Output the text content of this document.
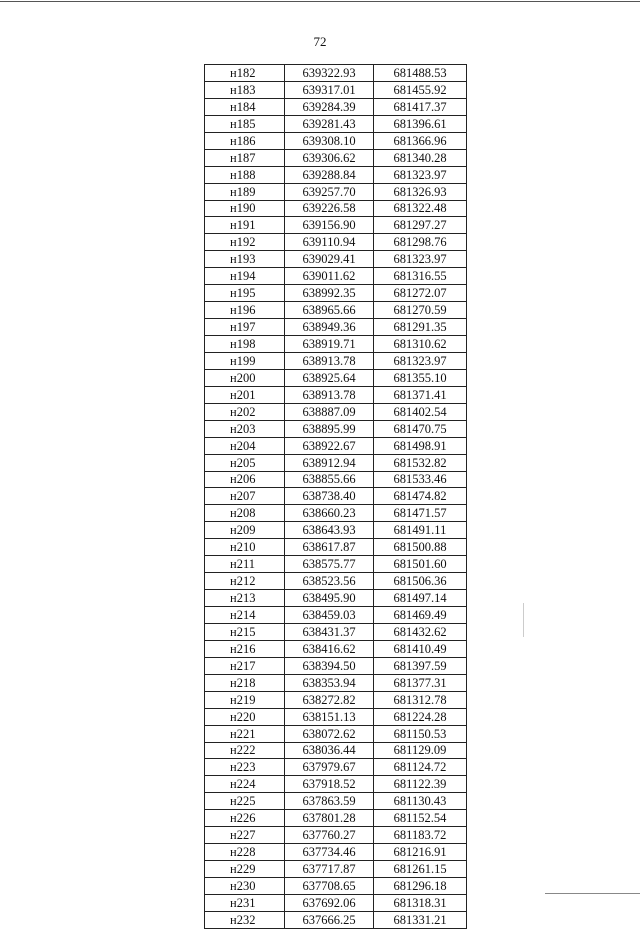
72
н182	639322.93	681488.53
н183	639317.01	681455.92
н184	639284.39	681417.37
н185	639281.43	681396.61
н186	639308.10	681366.96
н187	639306.62	681340.28
н188	639288.84	681323.97
н189	639257.70	681326.93
н190	639226.58	681322.48
н191	639156.90	681297.27
н192	639110.94	681298.76
н193	639029.41	681323.97
н194	639011.62	681316.55
н195	638992.35	681272.07
н196	638965.66	681270.59
н197	638949.36	681291.35
н198	638919.71	681310.62
н199	638913.78	681323.97
н200	638925.64	681355.10
н201	638913.78	681371.41
н202	638887.09	681402.54
н203	638895.99	681470.75
н204	638922.67	681498.91
н205	638912.94	681532.82
н206	638855.66	681533.46
н207	638738.40	681474.82
н208	638660.23	681471.57
н209	638643.93	681491.11
н210	638617.87	681500.88
н211	638575.77	681501.60
н212	638523.56	681506.36
н213	638495.90	681497.14
н214	638459.03	681469.49
н215	638431.37	681432.62
н216	638416.62	681410.49
н217	638394.50	681397.59
н218	638353.94	681377.31
н219	638272.82	681312.78
н220	638151.13	681224.28
н221	638072.62	681150.53
н222	638036.44	681129.09
н223	637979.67	681124.72
н224	637918.52	681122.39
н225	637863.59	681130.43
н226	637801.28	681152.54
н227	637760.27	681183.72
н228	637734.46	681216.91
н229	637717.87	681261.15
н230	637708.65	681296.18
н231	637692.06	681318.31
н232	637666.25	681331.21
